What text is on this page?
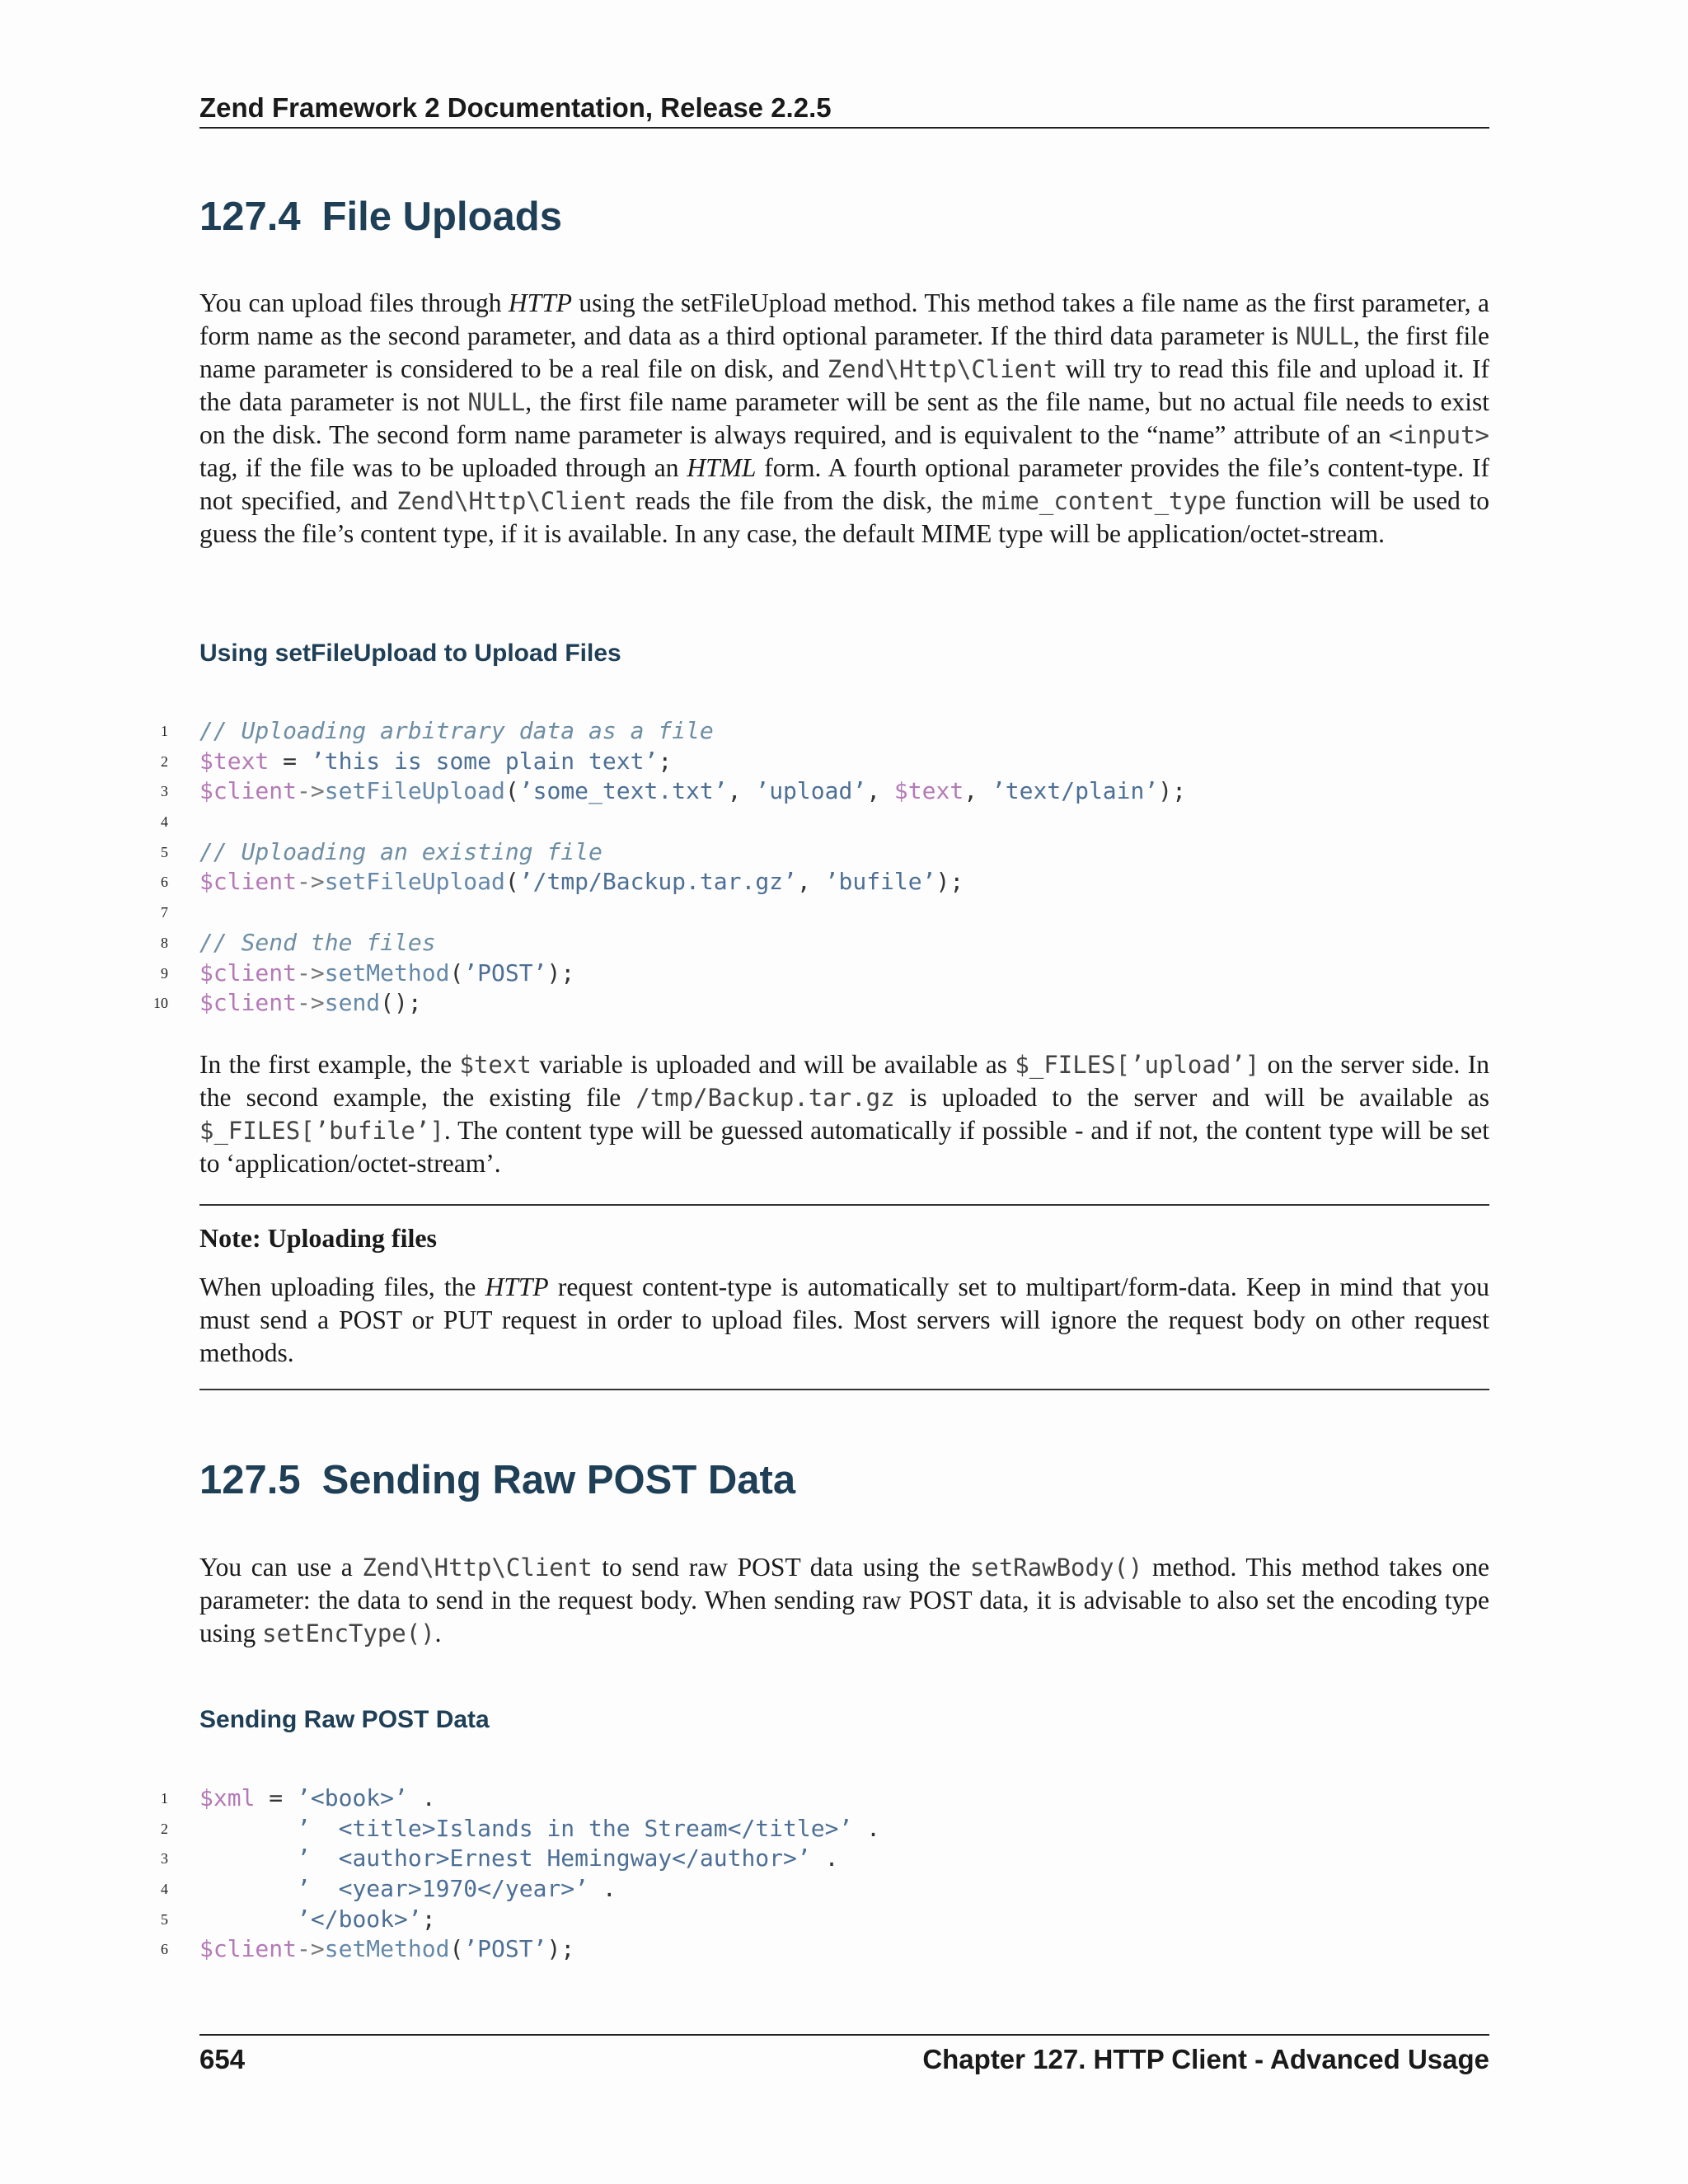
Zend Framework 2 Documentation, Release 2.2.5
127.4 File Uploads

You can upload files through HTTP using the setFileUpload method. This method takes a file name as the first parameter, a form name as the second parameter, and data as a third optional parameter. If the third data parameter is NULL, the first file name parameter is considered to be a real file on disk, and Zend\Http\Client will try to read this file and upload it. If the data parameter is not NULL, the first file name parameter will be sent as the file name, but no actual file needs to exist on the disk. The second form name parameter is always required, and is equivalent to the “name” attribute of an <input> tag, if the file was to be uploaded through an HTML form. A fourth optional parameter provides the file’s content-type. If not specified, and Zend\Http\Client reads the file from the disk, the mime_content_type function will be used to guess the file’s content type, if it is available. In any case, the default MIME type will be application/octet-stream.

Using setFileUpload to Upload Files
1 // Uploading arbitrary data as a file
2 $text = ’this is some plain text’;
3 $client->setFileUpload(’some_text.txt’, ’upload’, $text, ’text/plain’);
4
5 // Uploading an existing file
6 $client->setFileUpload(’/tmp/Backup.tar.gz’, ’bufile’);
7
8 // Send the files
9 $client->setMethod(’POST’);
10 $client->send();

In the first example, the $text variable is uploaded and will be available as $_FILES[’upload’] on the server side. In the second example, the existing file /tmp/Backup.tar.gz is uploaded to the server and will be available as $_FILES[’bufile’]. The content type will be guessed automatically if possible - and if not, the content type will be set to ‘application/octet-stream’.

Note: Uploading files

When uploading files, the HTTP request content-type is automatically set to multipart/form-data. Keep in mind that you must send a POST or PUT request in order to upload files. Most servers will ignore the request body on other request methods.

127.5 Sending Raw POST Data

You can use a Zend\Http\Client to send raw POST data using the setRawBody() method. This method takes one parameter: the data to send in the request body. When sending raw POST data, it is advisable to also set the encoding type using setEncType().

Sending Raw POST Data
1 $xml = ’<book>’ .
2	’  <title>Islands in the Stream</title>’ .
3	’  <author>Ernest Hemingway</author>’ .
4	’  <year>1970</year>’ .
5	’</book>’;
6 $client->setMethod(’POST’);
654	Chapter 127. HTTP Client - Advanced Usage
